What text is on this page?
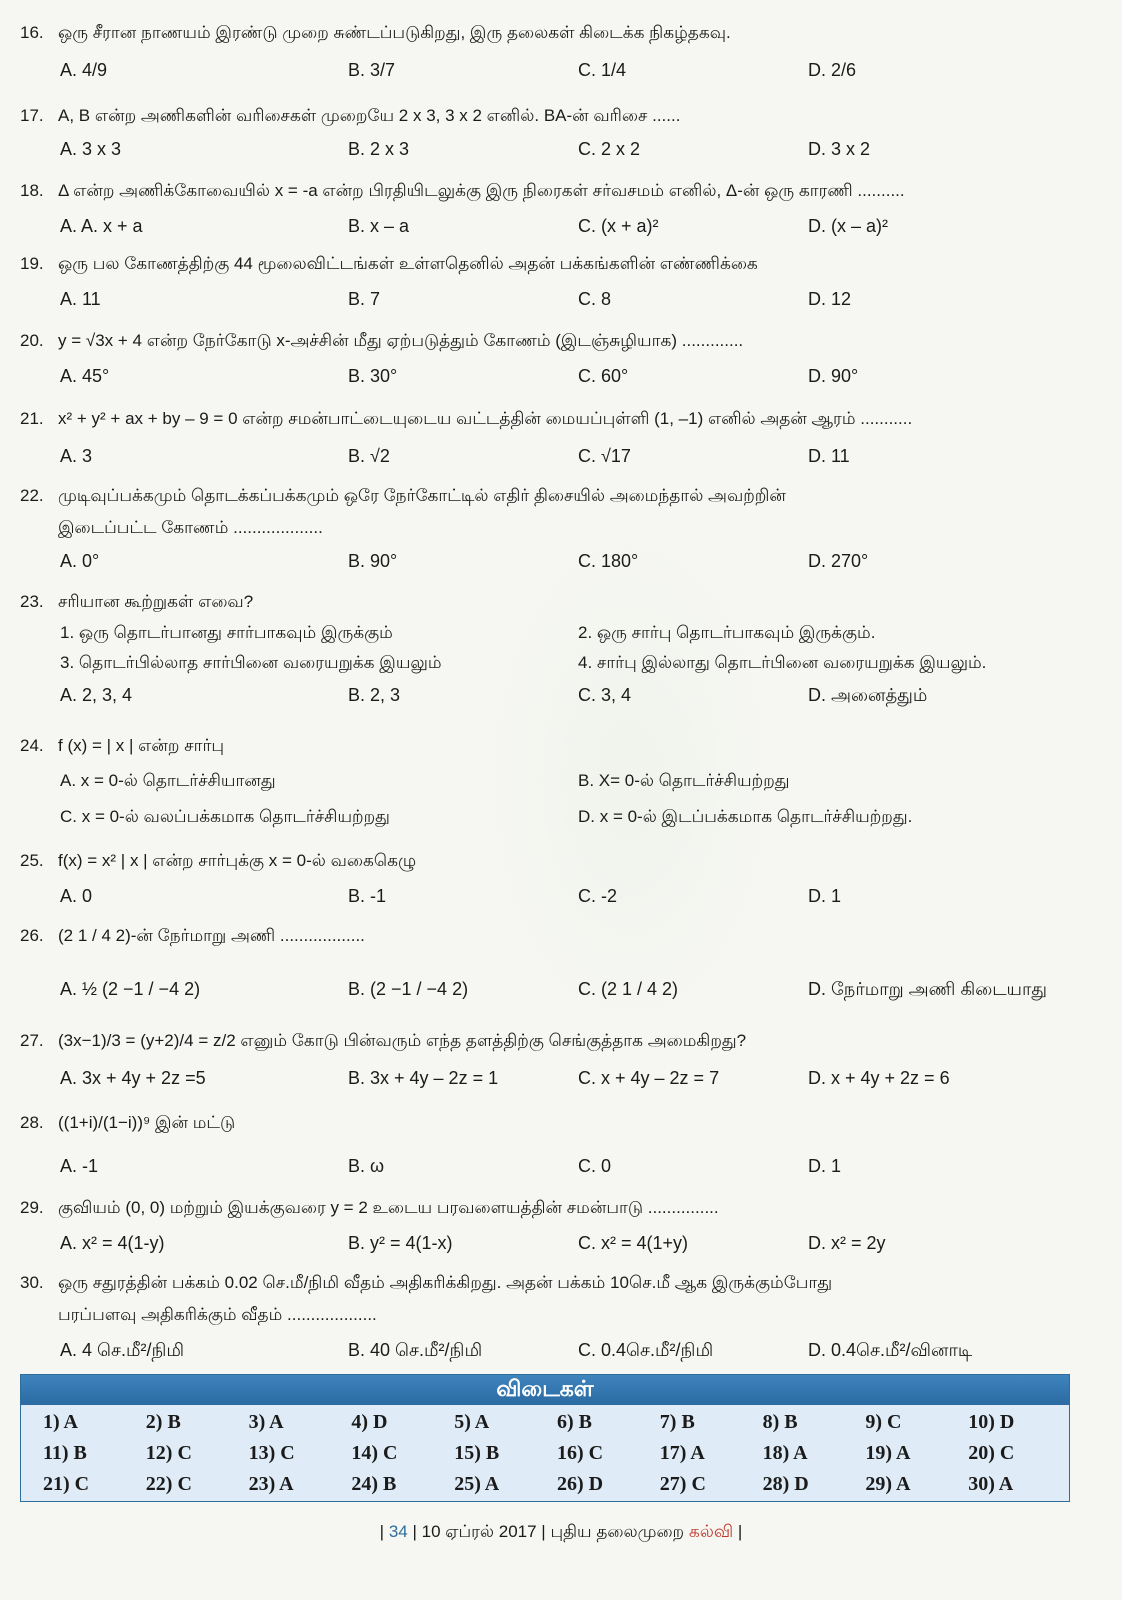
16. ஒரு சீரான நாணயம் இரண்டு முறை சுண்டப்படுகிறது, இரு தலைகள் கிடைக்க நிகழ்தகவு.
A. 4/9	B. 3/7	C. 1/4	D. 2/6
17. A, B என்ற அணிகளின் வரிசைகள் முறையே 2 x 3, 3 x 2 எனில். BA-ன் வரிசை ......
A. 3 x 3	B. 2 x 3	C. 2 x 2	D. 3 x 2
18. Δ என்ற அணிக்கோவையில் x = -a என்ற பிரதியிடலுக்கு இரு நிரைகள் சர்வசமம் எனில், Δ-ன் ஒரு காரணி ..........
A. A. x + a	B. x – a	C. (x + a)²	D. (x – a)²
19. ஒரு பல கோணத்திற்கு 44 மூலைவிட்டங்கள் உள்ளதெனில் அதன் பக்கங்களின் எண்ணிக்கை
A. 11	B. 7	C. 8	D. 12
20. y = √3x + 4 என்ற நேர்கோடு x-அச்சின் மீது ஏற்படுத்தும் கோணம் (இடஞ்சுழியாக) .............
A. 45°	B. 30°	C. 60°	D. 90°
21. x² + y² + ax + by – 9 = 0 என்ற சமன்பாட்டையுடைய வட்டத்தின் மையப்புள்ளி (1, –1) எனில் அதன் ஆரம் ...........
A. 3	B. √2	C. √17	D. 11
22. முடிவுப்பக்கமும் தொடக்கப்பக்கமும் ஒரே நேர்கோட்டில் எதிர் திசையில் அமைந்தால் அவற்றின்
இடைப்பட்ட கோணம் ...................
A. 0°	B. 90°	C. 180°	D. 270°
23. சரியான கூற்றுகள் எவை?
1. ஒரு தொடர்பானது சார்பாகவும் இருக்கும்	2. ஒரு சார்பு தொடர்பாகவும் இருக்கும்.
3. தொடர்பில்லாத சார்பினை வரையறுக்க இயலும்	4. சார்பு இல்லாது தொடர்பினை வரையறுக்க இயலும்.
A. 2, 3, 4	B. 2, 3	C. 3, 4	D. அனைத்தும்
24. f (x) = | x | என்ற சார்பு
A. x = 0-ல் தொடர்ச்சியானது	B. X= 0-ல் தொடர்ச்சியற்றது
C. x = 0-ல் வலப்பக்கமாக தொடர்ச்சியற்றது	D. x = 0-ல் இடப்பக்கமாக தொடர்ச்சியற்றது.
25. f(x) = x² | x | என்ற சார்புக்கு x = 0-ல் வகைகெழு
A. 0	B. -1	C. -2	D. 1
26. (2 1 / 4 2)-ன் நேர்மாறு அணி ..................
A. ½ (2 −1 / −4 2)	B. (2 −1 / −4 2)	C. (2 1 / 4 2)	D. நேர்மாறு அணி கிடையாது
27. (3x−1)/3 = (y+2)/4 = z/2 எனும் கோடு பின்வரும் எந்த தளத்திற்கு செங்குத்தாக அமைகிறது?
A. 3x + 4y + 2z =5	B. 3x + 4y – 2z = 1	C. x + 4y – 2z = 7	D. x + 4y + 2z = 6
28. ((1+i)/(1−i))⁹ இன் மட்டு
A. -1	B. ω	C. 0	D. 1
29. குவியம் (0, 0) மற்றும் இயக்குவரை y = 2 உடைய பரவளையத்தின் சமன்பாடு ...............
A. x² = 4(1-y)	B. y² = 4(1-x)	C. x² = 4(1+y)	D. x² = 2y
30. ஒரு சதுரத்தின் பக்கம் 0.02 செ.மீ/நிமி வீதம் அதிகரிக்கிறது. அதன் பக்கம் 10செ.மீ ஆக இருக்கும்போது
பரப்பளவு அதிகரிக்கும் வீதம் ...................
A. 4 செ.மீ²/நிமி	B. 40 செ.மீ²/நிமி	C. 0.4செ.மீ²/நிமி	D. 0.4செ.மீ²/வினாடி
விடைகள்
1) A	2) B	3) A	4) D	5) A	6) B	7) B	8) B	9) C	10) D
11) B	12) C	13) C	14) C	15) B	16) C	17) A	18) A	19) A	20) C
21) C	22) C	23) A	24) B	25) A	26) D	27) C	28) D	29) A	30) A
| 34 | 10 ஏப்ரல் 2017 | புதிய தலைமுறை கல்வி |
